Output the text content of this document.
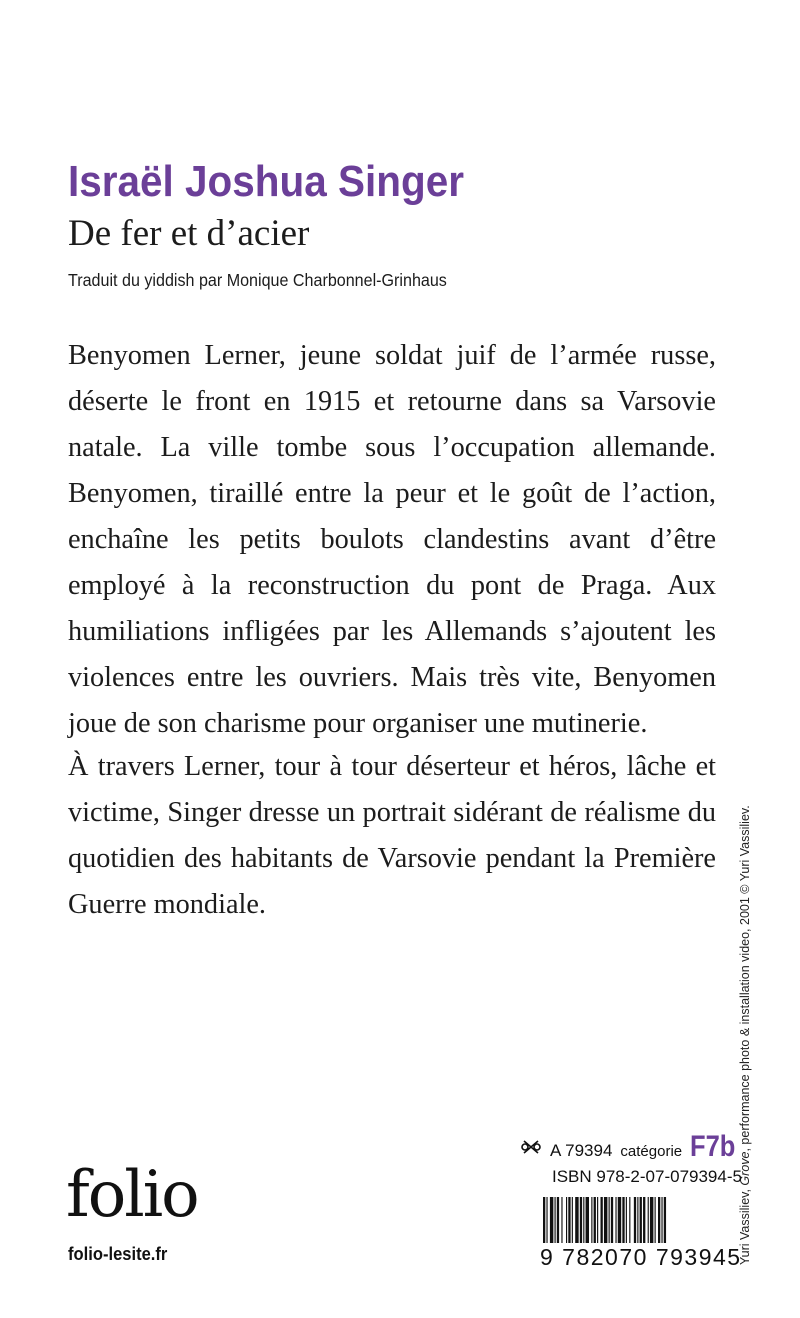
Israël Joshua Singer
De fer et d’acier
Traduit du yiddish par Monique Charbonnel-Grinhaus

Benyomen Lerner, jeune soldat juif de l’armée russe, déserte le front en 1915 et retourne dans sa Varsovie natale. La ville tombe sous l’occupation allemande. Benyomen, tiraillé entre la peur et le goût de l’action, enchaîne les petits boulots clandestins avant d’être employé à la reconstruction du pont de Praga. Aux humiliations infligées par les Allemands s’ajoutent les violences entre les ouvriers. Mais très vite, Benyomen joue de son charisme pour organiser une mutinerie.

À travers Lerner, tour à tour déserteur et héros, lâche et victime, Singer dresse un portrait sidérant de réalisme du quotidien des habitants de Varsovie pendant la Première Guerre mondiale.

Yuri Vassiliev, Grove, performance photo & installation video, 2001 © Yuri Vassiliev.
folio
folio-lesite.fr
A 79394 catégorie F7b
ISBN 978-2-07-079394-5
9 782070 793945
